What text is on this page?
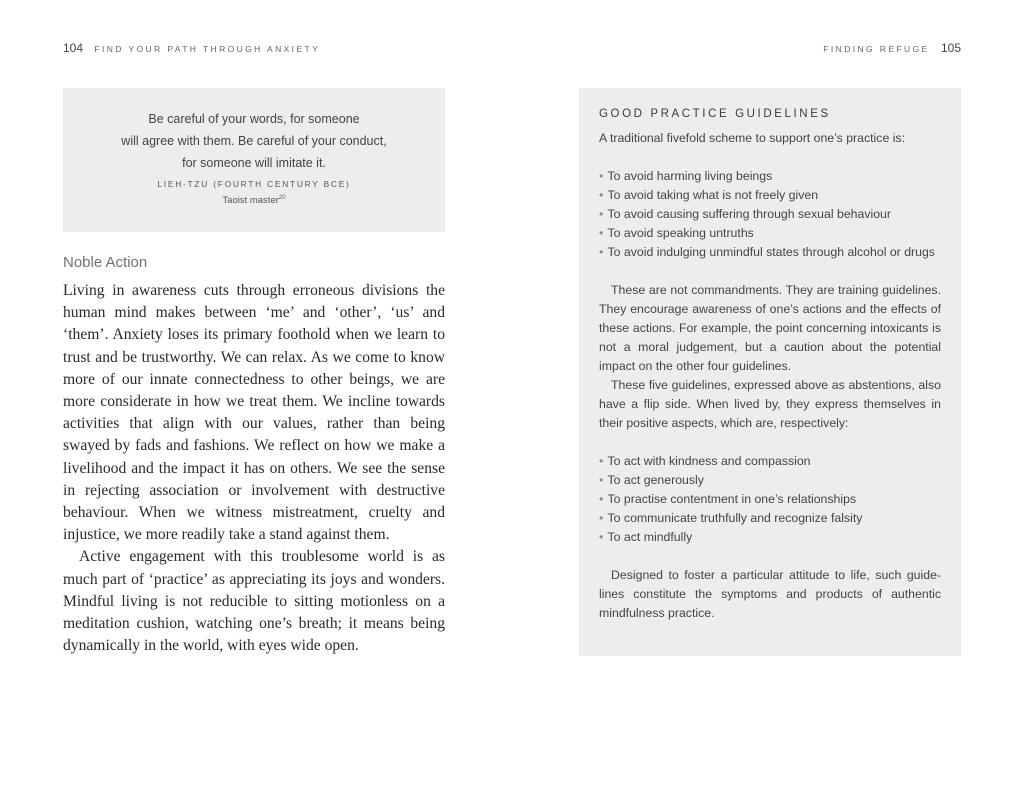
104 FIND YOUR PATH THROUGH ANXIETY
Be careful of your words, for someone
will agree with them. Be careful of your conduct,
for someone will imitate it.
LIEH-TZU (FOURTH CENTURY BCE)
Taoist master$^{20}$
Noble Action

Living in awareness cuts through erroneous divisions the human mind makes between ‘me’ and ‘other’, ‘us’ and ‘them’. Anxiety loses its primary foothold when we learn to trust and be trustworthy. We can relax. As we come to know more of our innate connectedness to other beings, we are more considerate in how we treat them. We incline towards activities that align with our values, rather than being swayed by fads and fashions. We reflect on how we make a livelihood and the impact it has on others. We see the sense in rejecting association or involvement with destructive behaviour. When we witness mistreatment, cruelty and injustice, we more readily take a stand against them.

Active engagement with this troublesome world is as much part of ‘practice’ as appreciating its joys and wonders. Mindful living is not reducible to sitting motionless on a meditation cushion, watching one’s breath; it means being dynamically in the world, with eyes wide open.

FINDING REFUGE 105
GOOD PRACTICE GUIDELINES
A traditional fivefold scheme to support one’s practice is:
• To avoid harming living beings
• To avoid taking what is not freely given
• To avoid causing suffering through sexual behaviour
• To avoid speaking untruths
• To avoid indulging unmindful states through alcohol or drugs
These are not commandments. They are training guidelines. They encourage awareness of one’s actions and the effects of these actions. For example, the point concerning intoxicants is not a moral judgement, but a caution about the potential impact on the other four guidelines.
These five guidelines, expressed above as abstentions, also have a flip side. When lived by, they express themselves in their positive aspects, which are, respectively:
• To act with kindness and compassion
• To act generously
• To practise contentment in one’s relationships
• To communicate truthfully and recognize falsity
• To act mindfully
Designed to foster a particular attitude to life, such guide-lines constitute the symptoms and products of authentic mindfulness practice.
